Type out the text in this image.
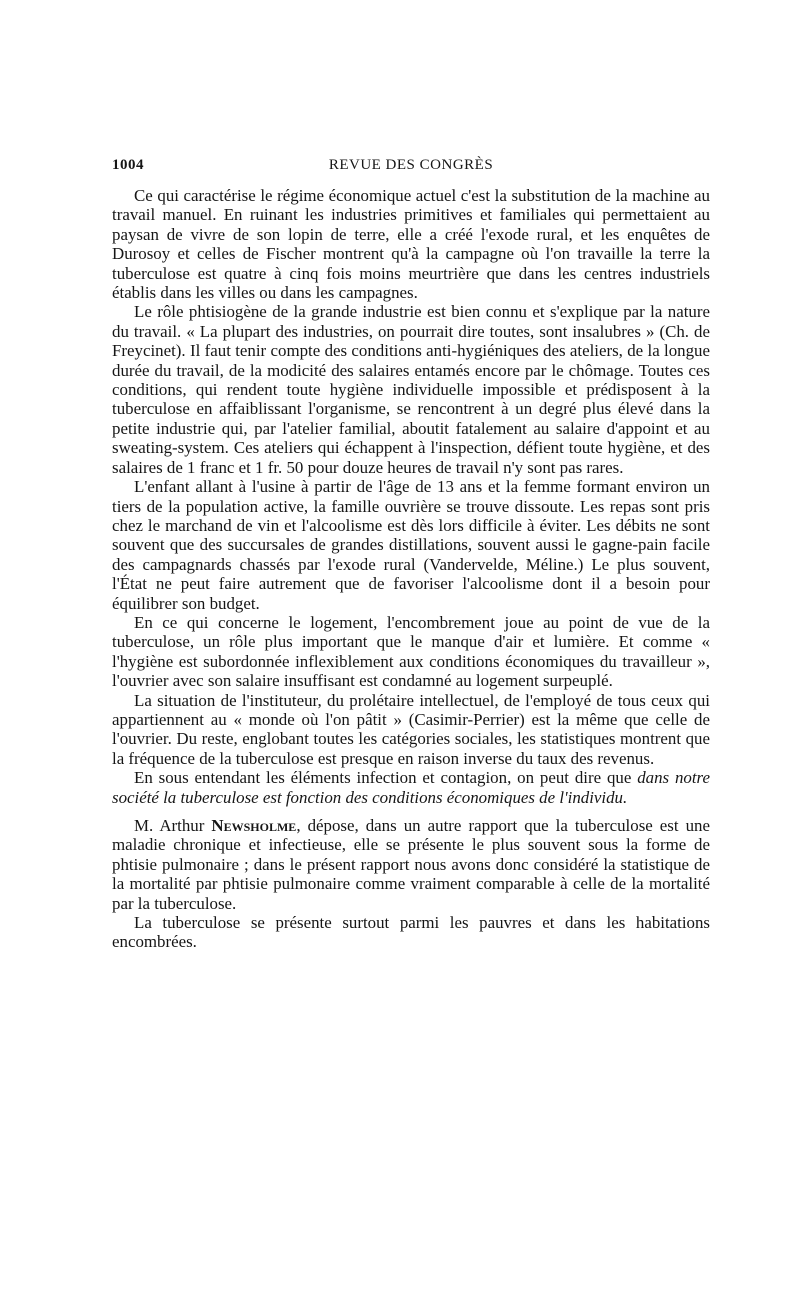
1004	REVUE DES CONGRÈS

Ce qui caractérise le régime économique actuel c'est la substitution de la machine au travail manuel. En ruinant les industries primitives et familiales qui permettaient au paysan de vivre de son lopin de terre, elle a créé l'exode rural, et les enquêtes de Durosoy et celles de Fischer montrent qu'à la campagne où l'on travaille la terre la tuberculose est quatre à cinq fois moins meurtrière que dans les centres industriels établis dans les villes ou dans les campagnes.

Le rôle phtisiogène de la grande industrie est bien connu et s'explique par la nature du travail. « La plupart des industries, on pourrait dire toutes, sont insalubres » (Ch. de Freycinet). Il faut tenir compte des conditions anti-hygiéniques des ateliers, de la longue durée du travail, de la modicité des salaires entamés encore par le chômage. Toutes ces conditions, qui rendent toute hygiène individuelle impossible et prédisposent à la tuberculose en affaiblissant l'organisme, se rencontrent à un degré plus élevé dans la petite industrie qui, par l'atelier familial, aboutit fatalement au salaire d'appoint et au sweating-system. Ces ateliers qui échappent à l'inspection, défient toute hygiène, et des salaires de 1 franc et 1 fr. 50 pour douze heures de travail n'y sont pas rares.

L'enfant allant à l'usine à partir de l'âge de 13 ans et la femme formant environ un tiers de la population active, la famille ouvrière se trouve dissoute. Les repas sont pris chez le marchand de vin et l'alcoolisme est dès lors difficile à éviter. Les débits ne sont souvent que des succursales de grandes distillations, souvent aussi le gagne-pain facile des campagnards chassés par l'exode rural (Vandervelde, Méline.) Le plus souvent, l'État ne peut faire autrement que de favoriser l'alcoolisme dont il a besoin pour équilibrer son budget.

En ce qui concerne le logement, l'encombrement joue au point de vue de la tuberculose, un rôle plus important que le manque d'air et lumière. Et comme « l'hygiène est subordonnée inflexiblement aux conditions économiques du travailleur », l'ouvrier avec son salaire insuffisant est condamné au logement surpeuplé.

La situation de l'instituteur, du prolétaire intellectuel, de l'employé de tous ceux qui appartiennent au « monde où l'on pâtit » (Casimir-Perrier) est la même que celle de l'ouvrier. Du reste, englobant toutes les catégories sociales, les statistiques montrent que la fréquence de la tuberculose est presque en raison inverse du taux des revenus.

En sous entendant les éléments infection et contagion, on peut dire que dans notre société la tuberculose est fonction des conditions économiques de l'individu.

M. Arthur Newsholme, dépose, dans un autre rapport que la tuberculose est une maladie chronique et infectieuse, elle se présente le plus souvent sous la forme de phtisie pulmonaire ; dans le présent rapport nous avons donc considéré la statistique de la mortalité par phtisie pulmonaire comme vraiment comparable à celle de la mortalité par la tuberculose.

La tuberculose se présente surtout parmi les pauvres et dans les habitations encombrées.
